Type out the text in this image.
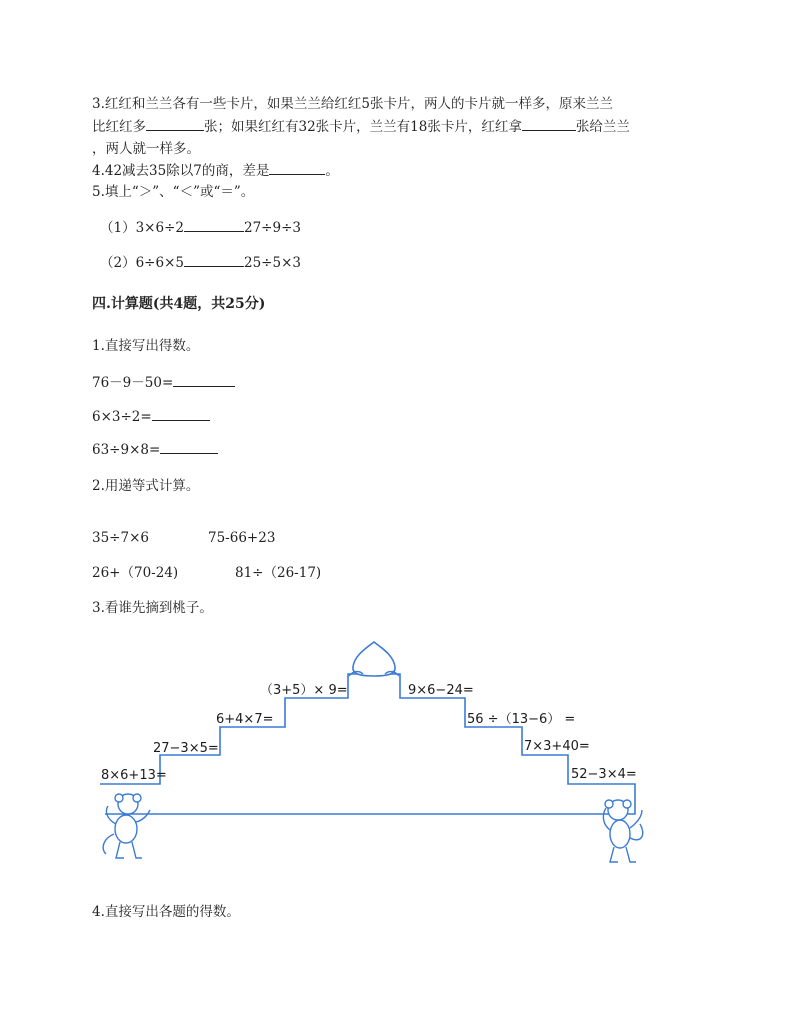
3.红红和兰兰各有一些卡片，如果兰兰给红红5张卡片，两人的卡片就一样多，原来兰兰
比红红多	张；如果红红有32张卡片，兰兰有18张卡片，红红拿	张给兰兰
，两人就一样多。
4.42减去35除以7的商，差是	。
5.填上“＞”、“＜”或“＝”。
（1）3×6÷2	27÷9÷3
（2）6÷6×5	25÷5×3
四.计算题(共4题，共25分)
1.直接写出得数。
76－9－50=
6×3÷2=
63÷9×8=
2.用递等式计算。
35÷7×6	75-66+23
26+（70-24)	81÷（26-17)
3.看谁先摘到桃子。
8×6+13=
27−3×5=
6+4×7=
（3+5）× 9=	9×6−24=
56 ÷（13−6） =
7×3+40=
52−3×4=
4.直接写出各题的得数。
